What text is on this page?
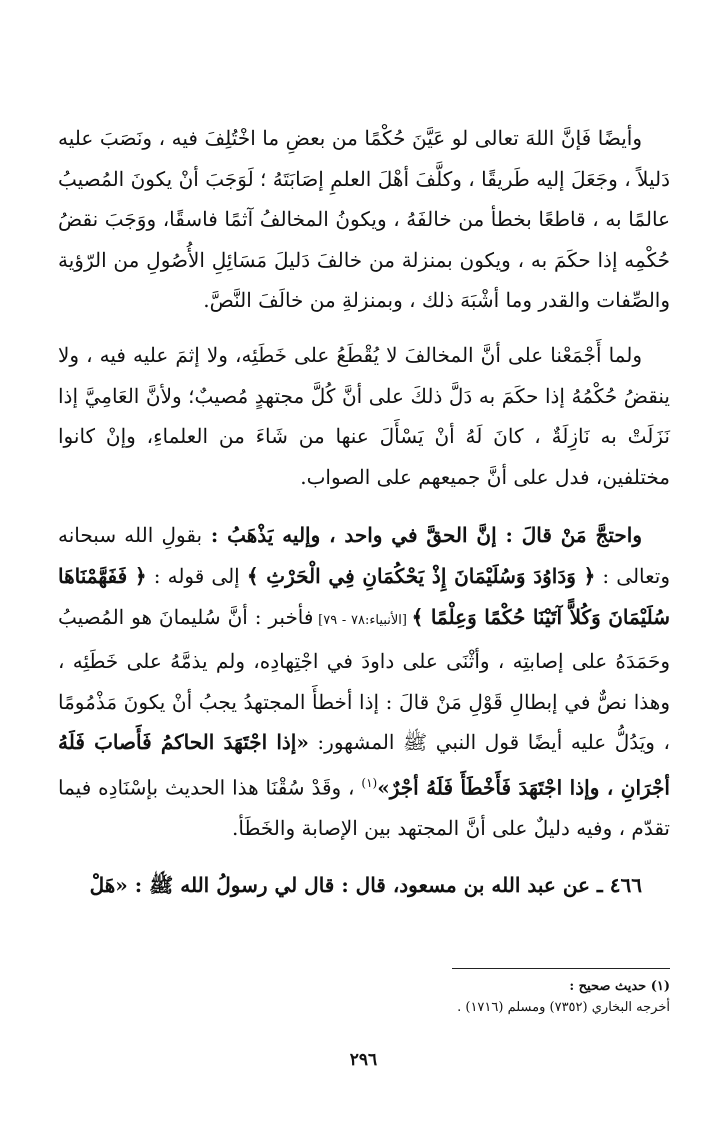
وأيضًا فَإنَّ اللهَ تعالى لو عَيَّنَ حُكْمًا من بعضِ ما اخْتُلِفَ فيه ، ونَصَبَ عليه دَليلاً ، وجَعَلَ إليه طَريقًا ، وكلَّفَ أهْلَ العلمِ إصَابَتَهُ ؛ لَوَجَبَ أنْ يكونَ المُصيبُ عالمًا به ، قاطعًا بخطأ من خالفَهُ ، ويكونُ المخالفُ آثمًا فاسقًا، ووَجَبَ نقضُ حُكْمِه إذا حكَمَ به ، ويكون بمنزلة من خالفَ دَليلَ مَسَائِلِ الأُصُولِ من الرّؤية والصِّفات والقدر وما أشْبَهَ ذلك ، وبمنزلةِ من خالَفَ النَّصَّ.

ولما أَجْمَعْنا على أنَّ المخالفَ لا يُقْطَعُ على خَطَئِه، ولا إثمَ عليه فيه ، ولا ينقضُ حُكْمُهُ إذا حكَمَ به دَلَّ ذلكَ على أنَّ كُلَّ مجتهدٍ مُصيبٌ؛ ولأنَّ العَامِيَّ إذا نَزَلَتْ به نَازِلَةٌ ، كانَ لَهُ أنْ يَسْأَلَ عنها من شَاءَ من العلماءِ، وإنْ كانوا مختلفين، فدل على أنَّ جميعهم على الصواب.

واحتجَّ مَنْ قالَ : إنَّ الحقَّ في واحد ، وإليه يَذْهَبُ : بقولِ الله سبحانه وتعالى : ﴿ وَدَاوُدَ وَسُلَيْمَانَ إِذْ يَحْكُمَانِ فِي الْحَرْثِ ﴾ إلى قوله : ﴿ فَفَهَّمْنَاهَا سُلَيْمَانَ وَكُلاًّ آتَيْنَا حُكْمًا وَعِلْمًا ﴾ [الأنبياء:٧٨ - ٧٩] فأخبر : أنَّ سُليمانَ هو المُصيبُ وحَمَدَهُ على إصابتِه ، وأثْنَى على داودَ في اجْتِهادِه، ولم يذمَّهُ على خَطَئِه ، وهذا نصٌّ في إبطالِ قَوْلِ مَنْ قالَ : إذا أخطأَ المجتهدُ يجبُ أنْ يكونَ مَذْمُومًا ، ويَدُلُّ عليه أيضًا قول النبي ﷺ المشهور: «إذا اجْتَهَدَ الحاكمُ فَأَصابَ فَلَهُ أجْرَانِ ، وإذا اجْتَهَدَ فَأَخْطَأَ فَلَهُ أجْرٌ»$^{(١)}$ ، وقَدْ سُقْنَا هذا الحديث بإسْنَادِه فيما تقدّم ، وفيه دليلٌ على أنَّ المجتهد بين الإصابة والخَطَأ.

٤٦٦ ـ عن عبد الله بن مسعود، قال : قال لي رسولُ الله ﷺ : «هَلْ

(١) حديث صحيح :

أخرجه البخاري (٧٣٥٢) ومسلم (١٧١٦) .

٢٩٦
